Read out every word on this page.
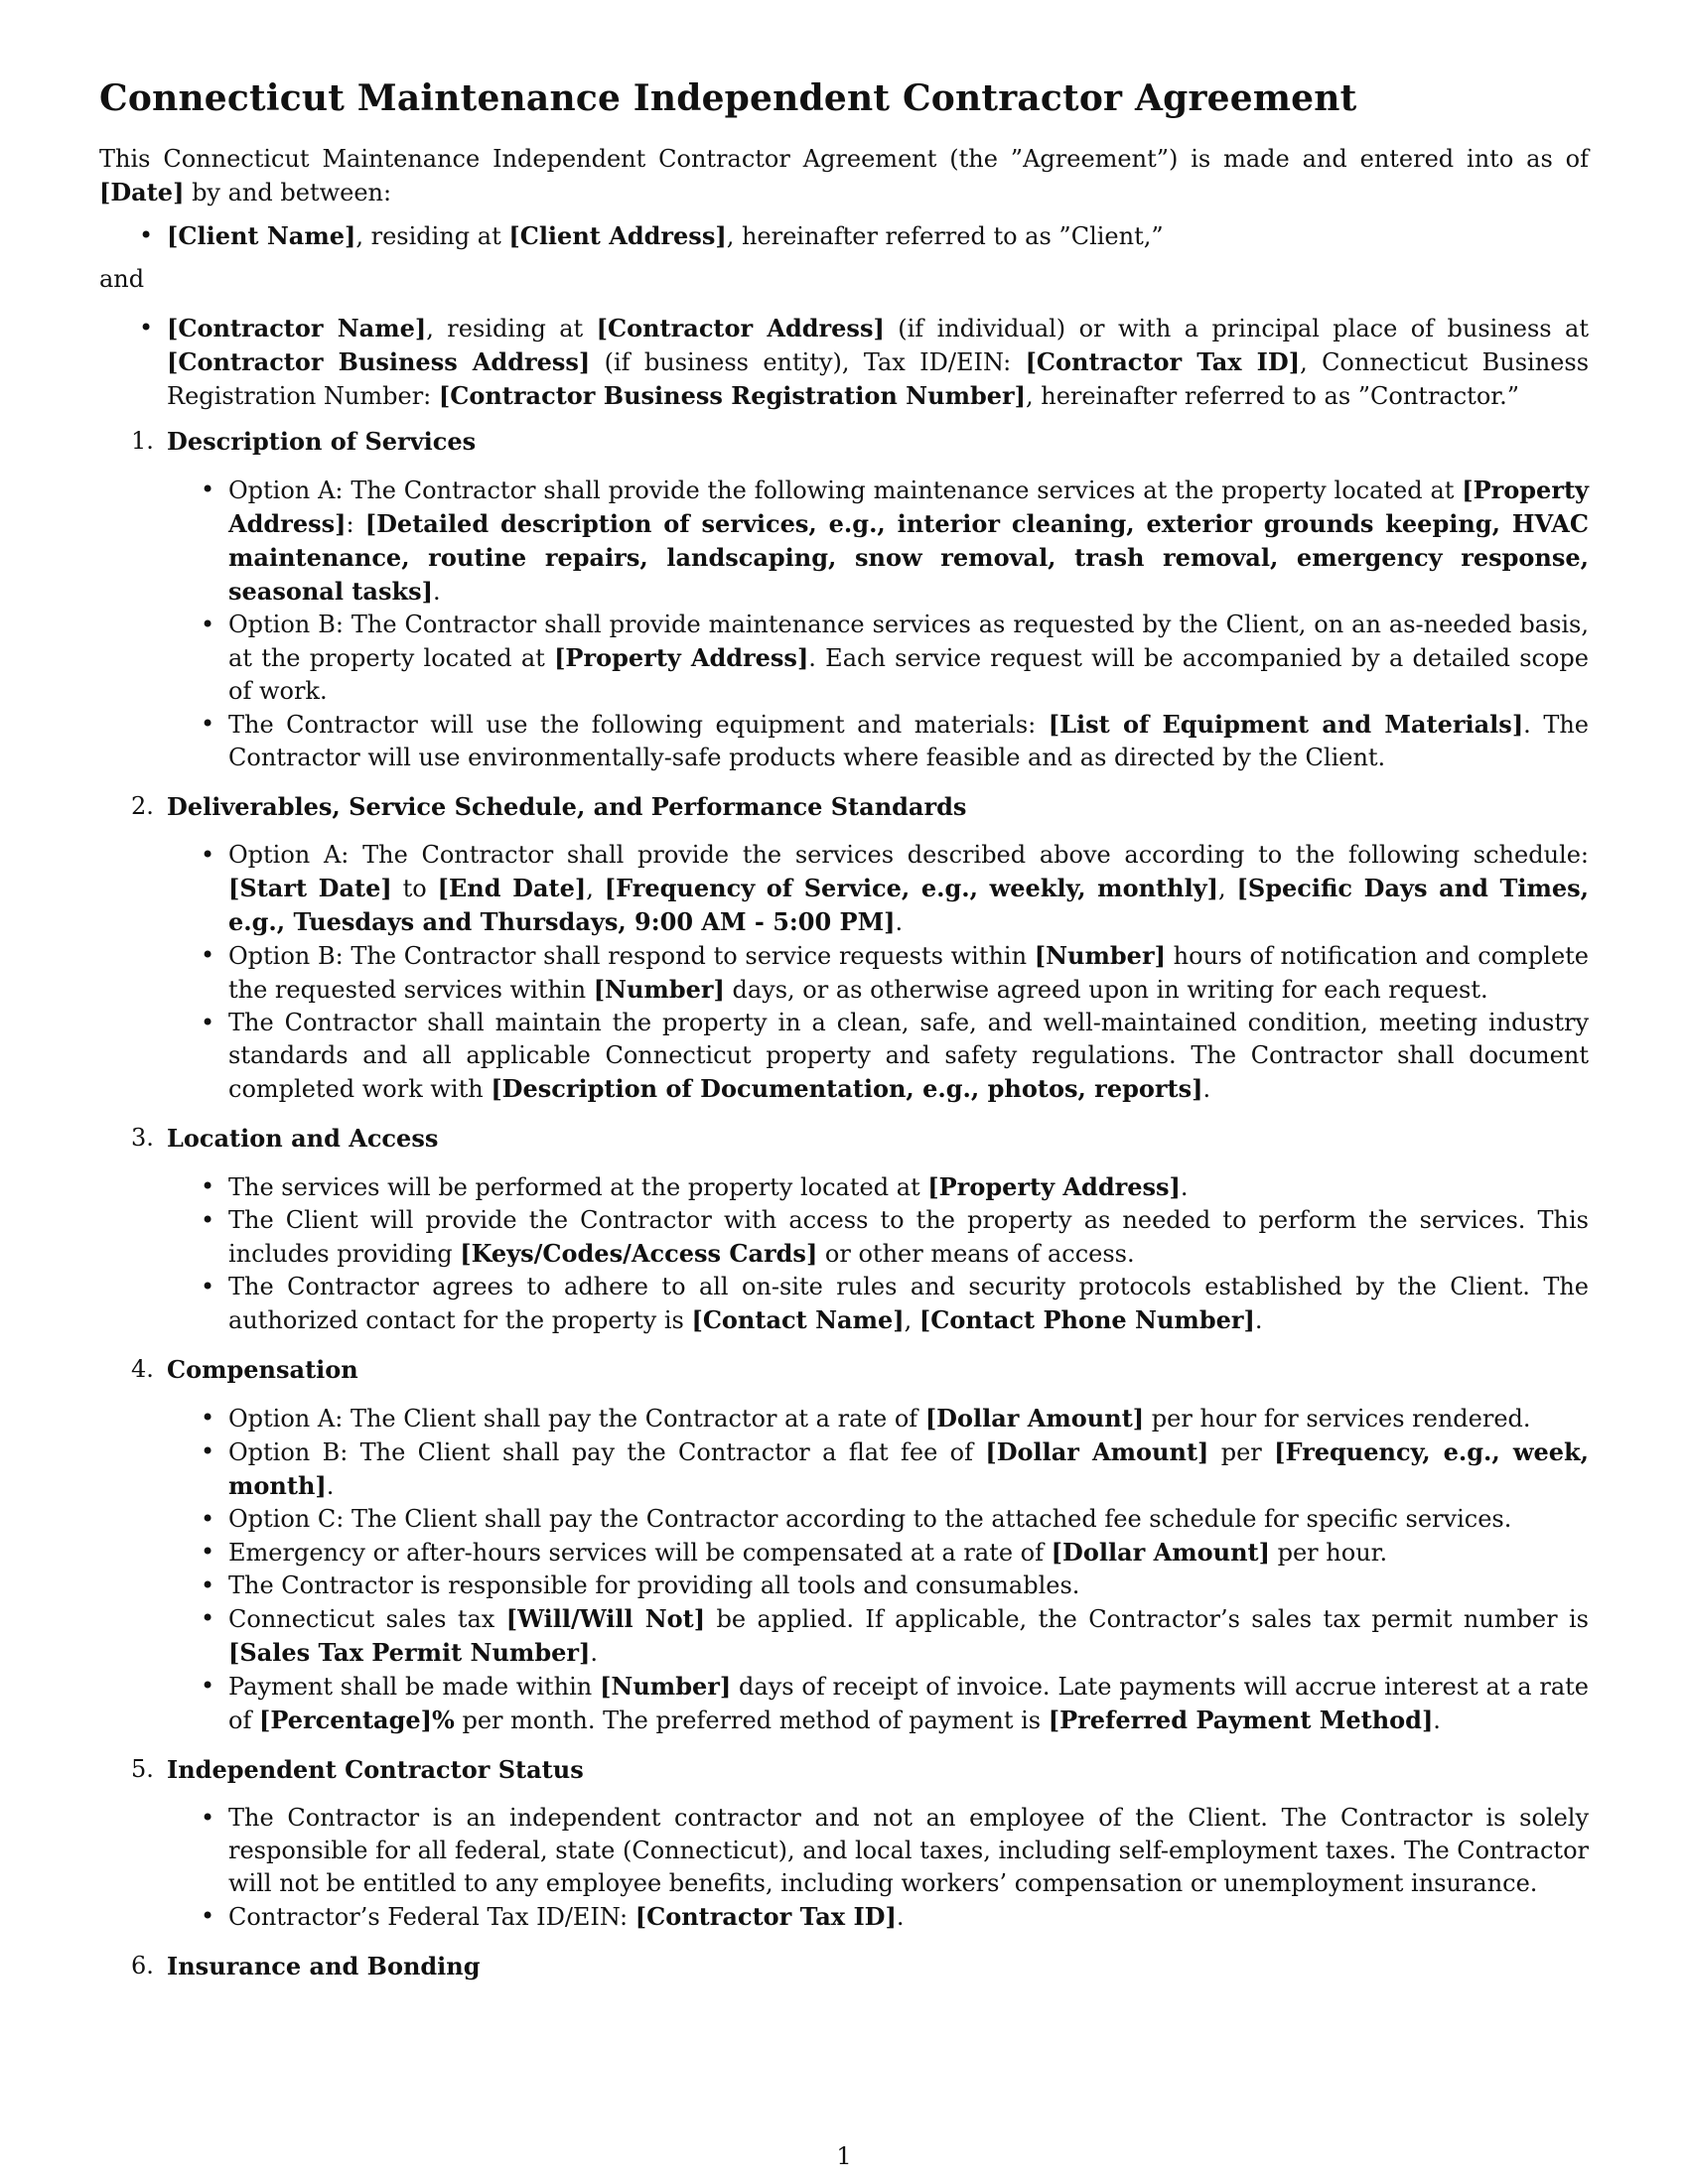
Connecticut Maintenance Independent Contractor Agreement

This Connecticut Maintenance Independent Contractor Agreement (the ”Agreement”) is made and entered into as of [Date] by and between:

• [Client Name], residing at [Client Address], hereinafter referred to as ”Client,”
and
• [Contractor Name], residing at [Contractor Address] (if individual) or with a principal place of business at [Contractor Business Address] (if business entity), Tax ID/EIN: [Contractor Tax ID], Connecticut Business Registration Number: [Contractor Business Registration Number], hereinafter referred to as ”Contractor.”
1. Description of Services
• Option A: The Contractor shall provide the following maintenance services at the property located at [Property Address]: [Detailed description of services, e.g., interior cleaning, exterior grounds keeping, HVAC maintenance, routine repairs, landscaping, snow removal, trash removal, emergency response, seasonal tasks].
• Option B: The Contractor shall provide maintenance services as requested by the Client, on an as-needed basis, at the property located at [Property Address]. Each service request will be accompanied by a detailed scope of work.
• The Contractor will use the following equipment and materials: [List of Equipment and Materials]. The Contractor will use environmentally-safe products where feasible and as directed by the Client.
2. Deliverables, Service Schedule, and Performance Standards
• Option A: The Contractor shall provide the services described above according to the following schedule: [Start Date] to [End Date], [Frequency of Service, e.g., weekly, monthly], [Specific Days and Times, e.g., Tuesdays and Thursdays, 9:00 AM - 5:00 PM].
• Option B: The Contractor shall respond to service requests within [Number] hours of notification and complete the requested services within [Number] days, or as otherwise agreed upon in writing for each request.
• The Contractor shall maintain the property in a clean, safe, and well-maintained condition, meeting industry standards and all applicable Connecticut property and safety regulations. The Contractor shall document completed work with [Description of Documentation, e.g., photos, reports].
3. Location and Access
• The services will be performed at the property located at [Property Address].
• The Client will provide the Contractor with access to the property as needed to perform the services. This includes providing [Keys/Codes/Access Cards] or other means of access.
• The Contractor agrees to adhere to all on-site rules and security protocols established by the Client. The authorized contact for the property is [Contact Name], [Contact Phone Number].
4. Compensation
• Option A: The Client shall pay the Contractor at a rate of [Dollar Amount] per hour for services rendered.
• Option B: The Client shall pay the Contractor a flat fee of [Dollar Amount] per [Frequency, e.g., week, month].
• Option C: The Client shall pay the Contractor according to the attached fee schedule for specific services.
• Emergency or after-hours services will be compensated at a rate of [Dollar Amount] per hour.
• The Contractor is responsible for providing all tools and consumables.
• Connecticut sales tax [Will/Will Not] be applied. If applicable, the Contractor’s sales tax permit number is [Sales Tax Permit Number].
• Payment shall be made within [Number] days of receipt of invoice. Late payments will accrue interest at a rate of [Percentage]% per month. The preferred method of payment is [Preferred Payment Method].
5. Independent Contractor Status
• The Contractor is an independent contractor and not an employee of the Client. The Contractor is solely responsible for all federal, state (Connecticut), and local taxes, including self-employment taxes. The Contractor will not be entitled to any employee benefits, including workers’ compensation or unemployment insurance.
• Contractor’s Federal Tax ID/EIN: [Contractor Tax ID].
6. Insurance and Bonding
1
